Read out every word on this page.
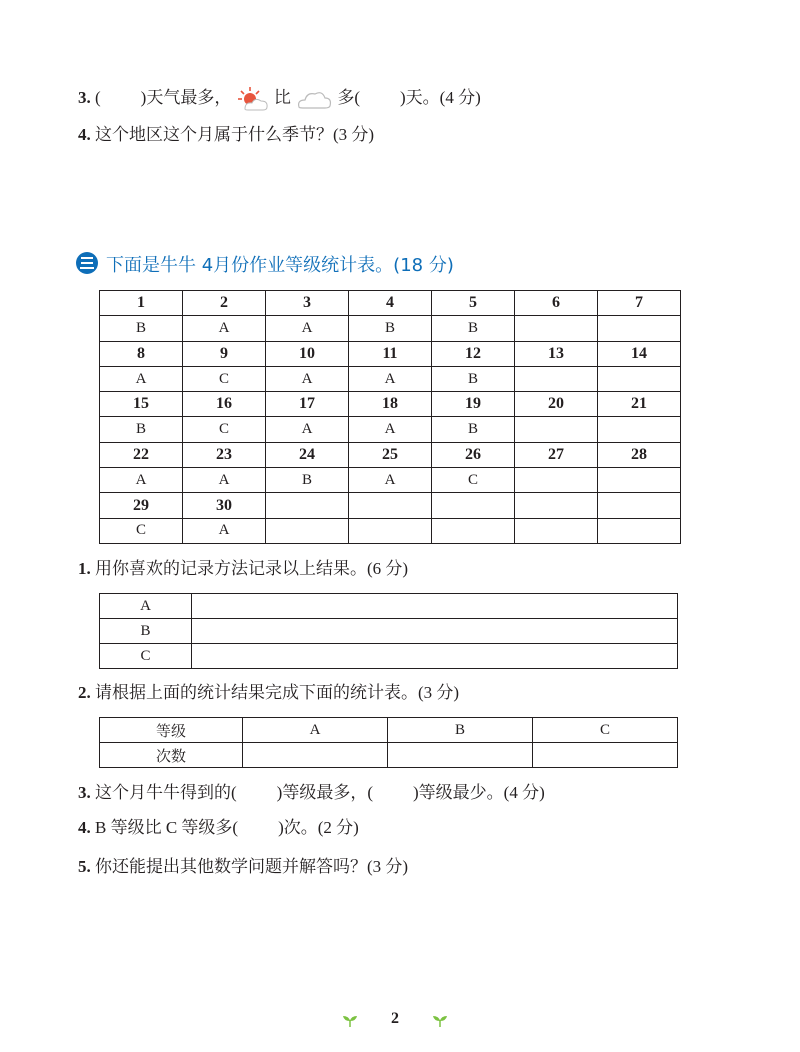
3. ( )天气最多，	比	多( )天。(4 分)
4. 这个地区这个月属于什么季节？(3 分)
下面是牛牛 4月份作业等级统计表。(18 分)
1	2	3	4	5	6	7
B	A	A	B	B		
8	9	10	11	12	13	14
A	C	A	A	B		
15	16	17	18	19	20	21
B	C	A	A	B		
22	23	24	25	26	27	28
A	A	B	A	C		
29	30					
C	A					
1. 用你喜欢的记录方法记录以上结果。(6 分)
A	
B	
C	
2. 请根据上面的统计结果完成下面的统计表。(3 分)
等级	A	B	C
次数			
3. 这个月牛牛得到的( )等级最多，( )等级最少。(4 分)
4. B 等级比 C 等级多( )次。(2 分)
5. 你还能提出其他数学问题并解答吗？(3 分)
2
